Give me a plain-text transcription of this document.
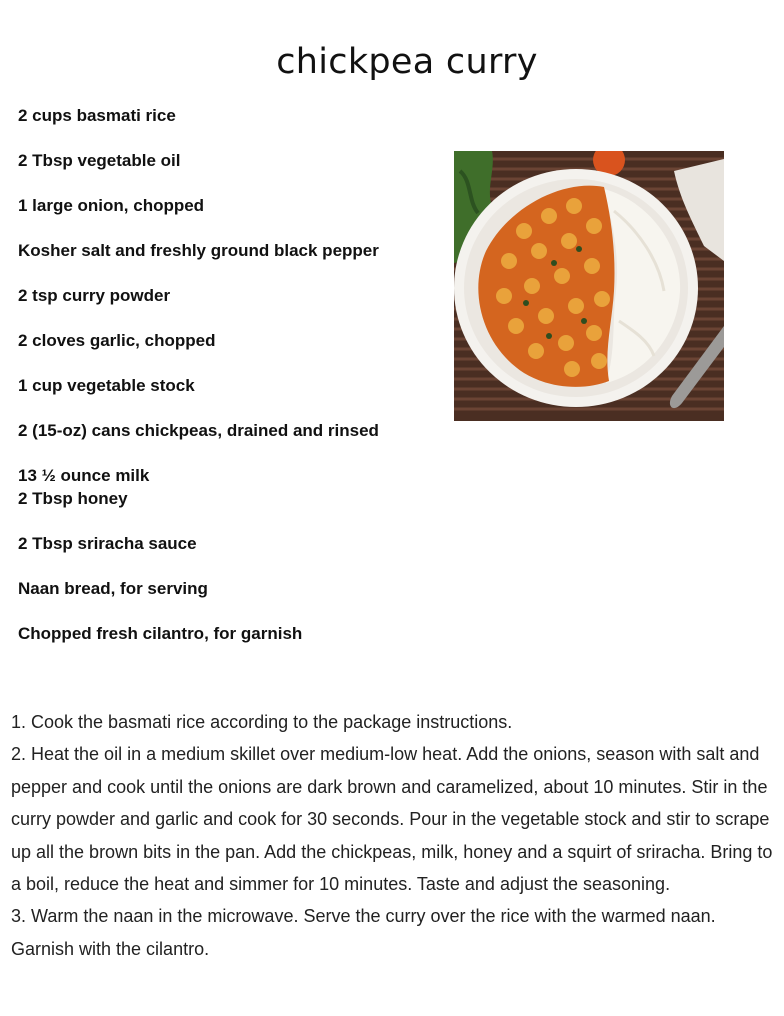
chickpea curry
2 cups basmati rice
2 Tbsp vegetable oil
1 large onion, chopped
Kosher salt and freshly ground black pepper
2 tsp curry powder
2 cloves garlic, chopped
1 cup vegetable stock
2 (15-oz) cans chickpeas, drained and rinsed
13 ½ ounce milk
2 Tbsp honey
2 Tbsp sriracha sauce
Naan bread, for serving
Chopped fresh cilantro, for garnish

1. Cook the basmati rice according to the package instructions.

2. Heat the oil in a medium skillet over medium-low heat. Add the onions, season with salt and pepper and cook until the onions are dark brown and caramelized, about 10 minutes. Stir in the curry powder and garlic and cook for 30 seconds. Pour in the vegetable stock and stir to scrape up all the brown bits in the pan. Add the chickpeas, milk, honey and a squirt of sriracha. Bring to a boil, reduce the heat and simmer for 10 minutes. Taste and adjust the seasoning.

3. Warm the naan in the microwave. Serve the curry over the rice with the warmed naan. Garnish with the cilantro.
